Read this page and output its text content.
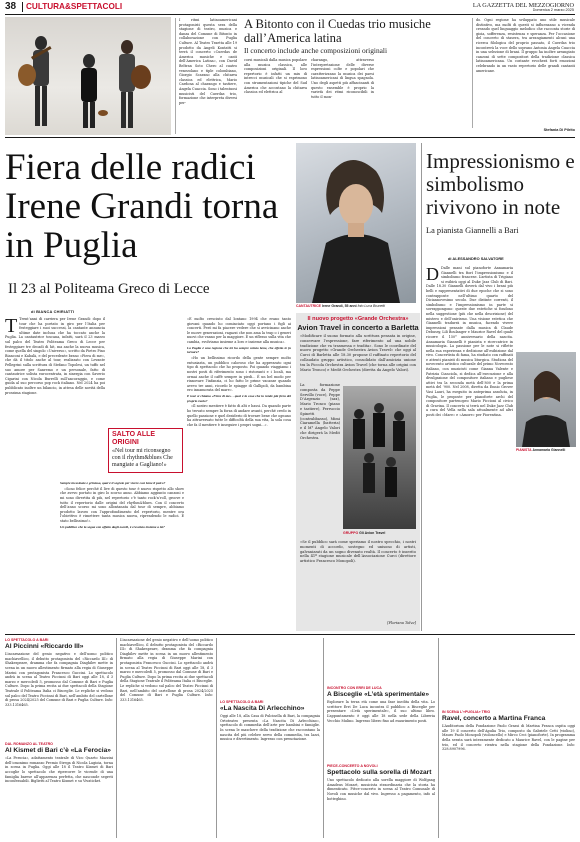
38 CULTURA&SPETTACOLI	LA GAZZETTA DEL MEZZOGIORNO
Domenica 2 marzo 2025

I ritmi latinoamericani protagonisti questa sera della stagione di teatro, musica e danza del Comune di Bitonto in collaborazione con Puglia Culture. Al Teatro Traetta alle 19 prodotto da Angeli Kontatti si terrà il concerto «Cuerdas de America musiche e canti dell’America Latina», con David Beltran Soto Chero al cuatro venezolano e tiple colombiano, Giorgio Scarano alla chitarra classica ed elettrica, Mario Cardona al charango e tastiere, Angela Cuaccia. Sono i talentuosi musicisti del Cuerdas trio, formazione che interpreta diversi per-

A Bitonto con il Cuedas trio musiche dall’America latina
Il concerto include anche composizioni originali

corsi musicali dalla musica popolare alla musica classica, alle composizioni originali. Il loro repertorio è infatti un mix di intrecci musicali che si esprimono con strumentazioni tipiche del Sud America che accostano la chitarra classica ed elettrica al

charango, attraverso l’interpretazione delle diverse espressioni colte e popolari che caratterizzano la musica dei paesi latinoamericani di lingua spagnola. Uno degli aspetti più affascinanti di questo ensemble è proprio la varietà dei ritmi riconoscibili in tutto il mon-

do. Ogni regione ha sviluppato uno stile musicale distintivo, ma molti di questi si influenzano a vicenda creando quel linguaggio melodico che racconta storie di gioia, sofferenza, resistenza e speranza. Per l’occasione del concerto di stasera, tra arrangiamenti alcuni una ricerca filologica del proprio passato, il Cuerdas trio incontrerà la voce dello soprano Antonia Angela Cuaccia in una selezione di brani. Il gruppo ha inoltre arrangiato canzoni di sette compositori della tradizione classica latinoamericana. Un costante evocherà forti emozioni celebrando in un vasto repertorio delle grandi cantanti americane.

Stefania Di Pilrito
Fiera delle radici Irene Grandi torna in Puglia
Il 23 al Politeama Greco di Lecce
di BIANCA CHIRIATTI
T Trent’anni di carriera per Irene Grandi: dopo il tour che ha portato in giro per l’Italia per festeggiare i suoi successi, la cantante annuncia ultime date inclusa che ha toccato anche la Puglia. La cantautrice toscana, infatti, sarà il 23 marzo sul palco del Teatro Politeama Greco di Lecce per festeggiare tre decadi di hit, ma anche la nuova musica, come quella del singolo «Universo», scritto da Pietro Pino Bianconi e Kabalà, e del precedente brano «Fiera di me», che dà il titolo anche al tour, realizzato con Levante Pellegrini sulla scrittura di Stefano Topolesi, un tuffo nel suo amore per Sanremo e un personale, fatto di cantautrice solista eurocentrata, in sinergia con Saverio Cigarini con Nicola Burrelli sull’ancoraggio, e come guida al suo percorso pop rock italiano. Nel 2024 ha poi pubblicato inoltre un bilancio, in attesa delle novità della prossima stagione.

SALTO ALLE ORIGINI
«Nel tour mi riconsegno con il rhythm&blues Che mangiate a Gagliano!»

Sempre incasinate e grintosa, qual è il segreto per vivere così bene il palco?

«Sono felice perché il live di questo tour è nuovo rispetto allo show che avevo portato in giro lo scorso anno. Abbiamo aggiunto canzoni e mi sono divertita di più, nel repertorio c’è tanto rock’n’roll, groove e tutto il repertorio dalle origini del rhythm&blues. Con il concerto dell’anno scorso mi sono allontanata dal tour di sempre, abbiamo prodotto lavoro con l’approfondimento del repertorio, mentre ora l’obiettivo è rimettere tanta musica nuova, riprendendo le radici. È stato bellissimo!».

Un pubblico che la segue con affetto dagli esordi, è cresciuto insieme a lei?

«È molto cresciuto dal lontano 1994 che erano tanto giovani quando ho cominciato oggi portano i figli ai concerti. Però mi fa piacere vedere che si avvicinano anche le nuove generazioni, ragazzi che non ama la trap o i generi nuovi che vanno per la maggiore. È un riflesso sulla vita che cambia, evolviamo insieme a loro e insieme alla musica».

La Puglia è una regione che lei ha sempre voluto bene, che effetto le fa tornare?

«Ho un bellissimo ricordo della gente sempre molto entusiasta, un pubblico caloroso che ha apprezzato ogni tipo di spettacolo che ho proposto. Poi quando viaggiamo i nostri posti di riferimento sono i ristoranti e i locali, ma ormai anche il caffè sempre in piedi... È un bel modo per rinnovare l’infanzia, ci ho fatto le prime vacanze quando avevo tre anni, ricordo le spiagge di Gallipoli, da bambina ero innamorata del mare».

E tour si chiama «Fiera di me» - qual è la cosa che la rende più fiera del proprio ruolo?

«Il nostro mestiere è fatto di alti e bassi. Da quando parte ho trovato sempre la forza di andare avanti, perché credo in quello passione e quel desiderio di trovare bene che ognuno ha attraversato tutte le difficoltà della sua vita, la sola cosa che fa il mestiere è inseguire i propri sogni...».

CANTAUTRICE Irene Grandi, 55 anni foto Luca Brunetti
Il nuovo progetto «Grande Orchestra»
Avion Travel in concerto a Barletta
«Modificare il suono formato alla scrittura pensata in origine, conservare l’espressione, fare riferimento ad una nobile tradizione che va trasmessa e tradita». Sono le coordinate del nuovo progetto «Grande Orchestra Avion Travel» che oggi al Curci di Barletta alle 18.30 propone il raffinato repertorio del collaudato gruppo artistico, consolidato dall’amicizia unione tra la Piccola Orchestra Avion Travel (che torna alle origini con Mario Tronco) e Medit Orchestra (diretta da Angelo Valori).
La formazione composta da Peppe Servillo (voce), Peppe D’Argenzio (sax), Mario Tronco (piano e tastiere), Ferruccio Spinetti (contrabbasso), Mimi Ciaramella (batteria) e il M° Angelo Valori che dirigerà la Medit Orchestra.
GRUPPO Gli Avion Travel
«Se il pubblico sarà come speriamo il nostro specchio, i nostri momenti di accordo, sostegno ed unisono di artisti, galvanizzati da un sogno divenuto realtà. Il concerto è inserito nella 41ª stagione musicale dell’Associazione Curci (direttore artistico Francesco Monopoli).
[Floriana Tolve]
Impressionismo e simbolismo rivivono in note
La pianista Giannelli a Bari
di ALESSANDRO SALVATORE
PIANISTA Annamaria Giannelli
D Dalle mani sul pianoforte Annamaria Giannelli tra fiorì l’impressionismo e il simbolismo francese. L’artista di Trigiano si esibirà oggi al Duke Jazz Club di Bari. Dalle 18.30 Giannelli doverà dal vivo i brani più belli e rappresentativi di due epoche che si sono contrapposte nell’ultimo quarto del Diciannovesimo secolo. Due distinte correnti, il simbolismo e l’impressionismo in parte si sovrappongono: queste due estetiche si fondono nella suggestione (più che nella descrizione) del mistero e dell’onirismo. Una visione estetica che Giannelli tradurrà in musica, facendo vivere impressioni pensate dalla musica di Claude Debussy, Lili Boulanger e Maurice Ravel del quale ricorre il 150° anniversario della nascita. Annamaria Giannelli è pianista e ricercatrice in musicologia. La passione per le note si riflette nella sua esperienza e dedizione all’esibizione dal vivo. Concertista di fama, ha studiato con raffinati e attenti pianisti di musica liturgica. Studiosa del novecento artistico culturale del primo Novecento italiano, con musicisti come Gianna Valente e Patrizia Cianciola, si dedica all’esecuzione e alla divulgazione del compositore italiano e pugliese attivi tra la seconda metà dell’800 e la prima metà del ’900. Nel 2008, diretta da Ennio Grover Vasi Lauri, ha eseguito in anteprima assoluta, in Puglia, le proposte per pianoforte archi del compositore partenopeo Mario Piccioni al civico di Gravina. Il concerto si terrà nel Duke Jazz Club a cura del Vella nella sala attualmente ad altri posti dei «Mare» e «Amore» per Fiorentina.

LO SPETTACOLO A BARI
Al Piccinni «Riccardo III»
L’incarnazione del genio negativo e dell’uomo politico machiavellico, il debutto protagonista del «Riccardo III» di Shakespeare, dramma che fa compagnia Diaghilev mette in scena in un nuovo allestimento firmato alla regia di Giuseppe Marini con protagonista Francesco Guccini. Lo spettacolo andrà in scena al Teatro Piccinni di Bari oggi alle 18, il 3 marzo e mercoledì 5, promosso dal Comune di Bari e Puglia Culture. Dopo la prima recita ai due spettacoli della Stagione Teatrale il Politeama Italia ci Bisceglie. Le repliche si vedono sul palco del Teatro Piccinni di Bari, nell’ambito del cartellone di prosa 2024/2025 del Comune di Bari e Puglia Culture. Info: 333.1316465.
DAL ROMANZO AL TEATRO
Al Kismet di Bari c’è «La Ferocia»
«La Ferocia», adattamento teatrale di Vico Quarto Mazzini dell’omonimo romanzo Premio Strega di Nicola Lagioia, torna in scena in Puglia. Oggi alle 18 il Teatro Kismet di Bari accoglie lo spettacolo che ripercorre le vicende di una famiglia barese all’apparenza perfetta, che nasconde segreti inconfessabili. Biglietti al Teatro Kismet e su Vivaticket.
L’incarnazione del genio negativo e dell’uomo politico machiavellico, il debutto protagonista del «Riccardo III» di Shakespeare, dramma che fa compagnia Diaghilev mette in scena in un nuovo allestimento firmato alla regia di Giuseppe Marini con protagonista Francesco Guccini. Lo spettacolo andrà in scena al Teatro Piccinni di Bari oggi alle 18, il 3 marzo e mercoledì 5, promosso dal Comune di Bari e Puglia Culture. Dopo la prima recita ai due spettacoli della Stagione Teatrale il Politeama Italia ci Bisceglie. Le repliche si vedono sul palco del Teatro Piccinni di Bari, nell’ambito del cartellone di prosa 2024/2025 del Comune di Bari e Puglia Culture. Info: 333.1316465.
LO SPETTACOLO A BARI
«La Nascita Di Arlecchino»
Oggi alle 18, alla Casa di Pulcinella di Bari, la compagnia Ortoteatro presenta «La Nascita Di Arlecchino», spettacolo di commedia dell’arte per bambini e famiglie. In scena le maschere della tradizione che raccontano la nascita del più celebre servo della commedia, tra lazzi, musica e divertimento. Ingresso con prenotazione.
INCONTRO CON ERRI DE LUCA
A Bisceglie «L’età sperimentale»
Esplorare la terza età come una fase inedita della vita. Lo scrittore Erri De Luca incontra il pubblico a Bisceglie per presentare «L’età sperimentale», il suo ultimo libro. L’appuntamento è oggi alle 18 nella sede della Libreria Vecchio Mulino. Ingresso libero fino ad esaurimento posti.
PIECE-CONCERTO A NOVOLI
Spettacolo sulla sorella di Mozart
Uno spettacolo dedicato alla sorella maggiore di Wolfgang Amadeus Mozart, musicista straordinaria che la storia ha dimenticato. Pièce-concerto in scena al Teatro Comunale di Novoli con musiche dal vivo. Ingresso a pagamento, info al botteghino.
IN SCENA L’«PUGLIA» TRIO
Ravel, concerto a Martina Franca
L’Auditorium della Fondazione Paolo Grassi di Martina Franca ospita oggi alle 19 il concerto dell’Apulia Trio, composto da Gabriele Cetti (violino), Mauro Paolo Monopoli (violoncello) e Mirco Ceci (pianoforte). In programma della serata sarà interamente dedicato a Maurice Ravel, con le pagine per trio, ed il concerto rientra nella stagione della Fondazione. Info: 328.8907996.
